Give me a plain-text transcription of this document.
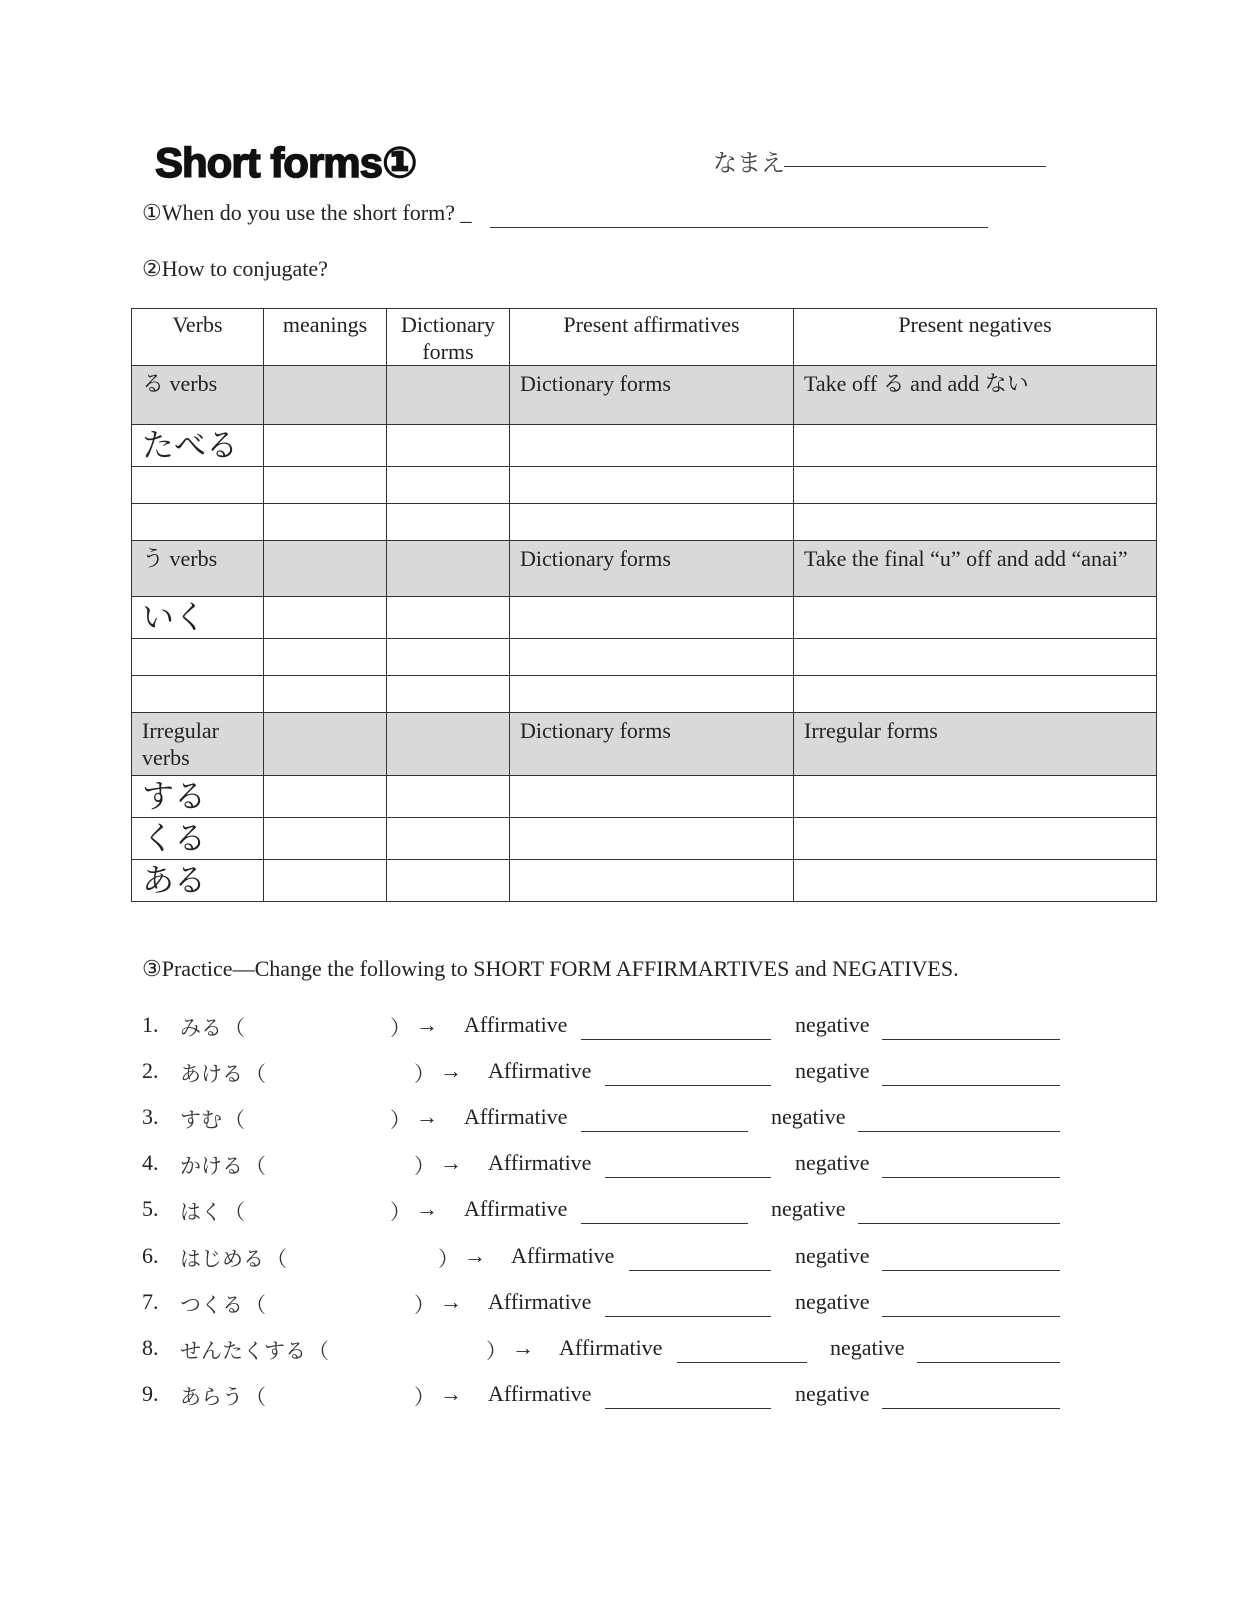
Short forms①	なまえ
①When do you use the short form? _
②How to conjugate?
Verbs	meanings	Dictionary forms	Present affirmatives	Present negatives

る verbs			Dictionary forms	Take off る and add ない

たべる				

う verbs			Dictionary forms	Take the final “u” off and add “anai”

いく				

Irregular verbs			Dictionary forms	Irregular forms

する				

くる				

ある				

③Practice—Change the following to SHORT FORM AFFIRMARTIVES and NEGATIVES.
1. みる （	） → Affirmative	negative
2. あける （	） → Affirmative	negative
3. すむ （	） → Affirmative	negative
4. かける （	） → Affirmative	negative
5. はく （	） → Affirmative	negative
6. はじめる （	） → Affirmative	negative
7. つくる （	） → Affirmative	negative
8. せんたくする （	） → Affirmative	negative
9. あらう （	） → Affirmative	negative
